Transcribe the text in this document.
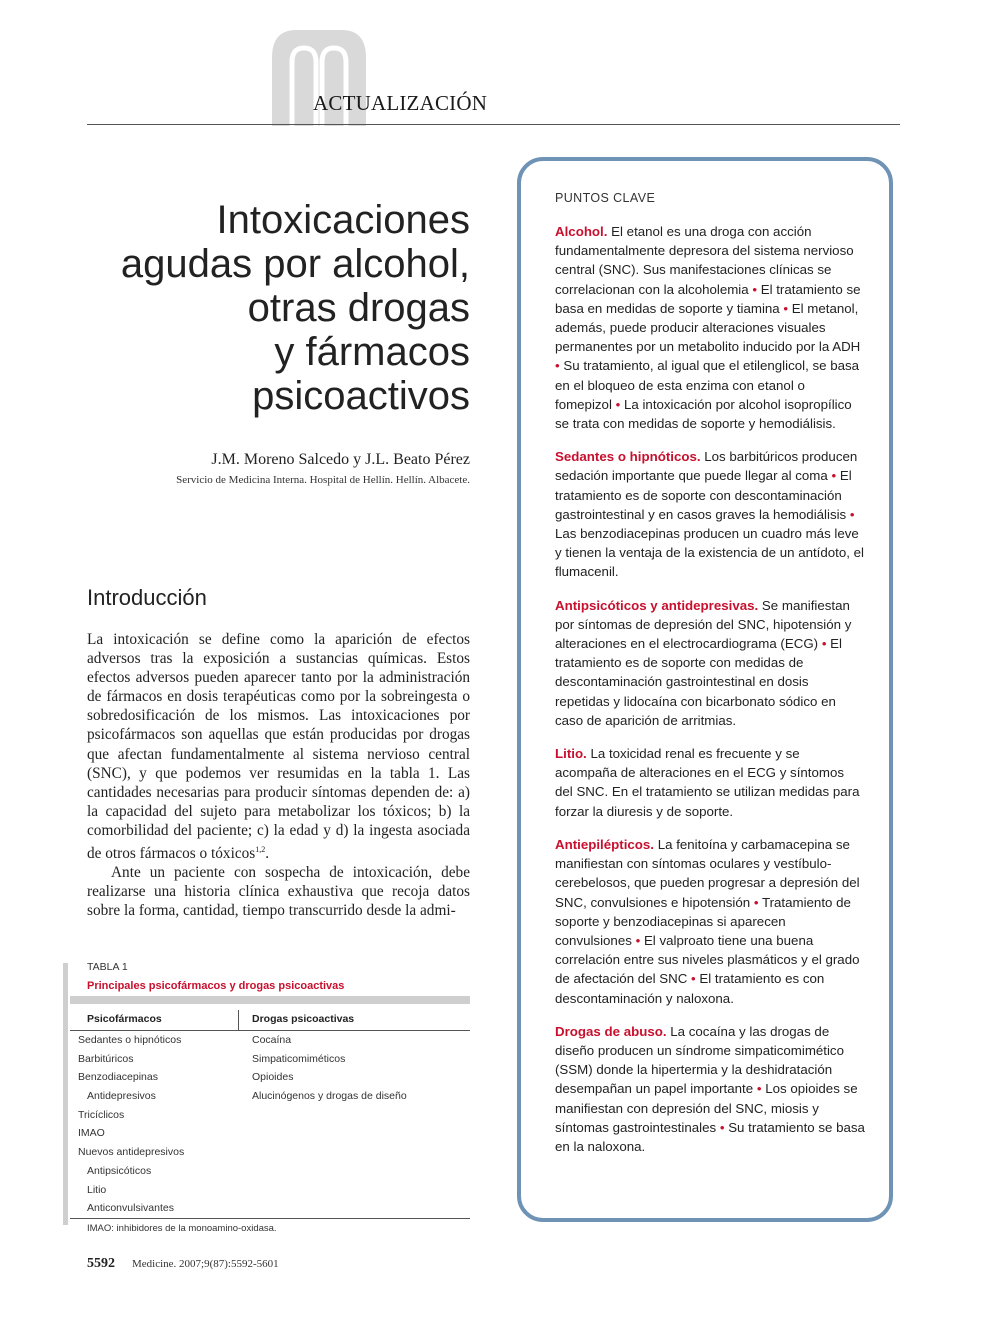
ACTUALIZACIÓN
Intoxicaciones
agudas por alcohol,
otras drogas
y fármacos
psicoactivos
J.M. Moreno Salcedo y J.L. Beato Pérez
Servicio de Medicina Interna. Hospital de Hellín. Hellín. Albacete.
Introducción

La intoxicación se define como la aparición de efectos adversos tras la exposición a sustancias químicas. Estos efectos adversos pueden aparecer tanto por la administración de fármacos en dosis terapéuticas como por la sobreingesta o sobredosificación de los mismos. Las intoxicaciones por psicofármacos son aquellas que están producidas por drogas que afectan fundamentalmente al sistema nervioso central (SNC), y que podemos ver resumidas en la tabla 1. Las cantidades necesarias para producir síntomas dependen de: a) la capacidad del sujeto para metabolizar los tóxicos; b) la comorbilidad del paciente; c) la edad y d) la ingesta asociada de otros fármacos o tóxicos$^{1,2}$.

Ante un paciente con sospecha de intoxicación, debe realizarse una historia clínica exhaustiva que recoja datos sobre la forma, cantidad, tiempo transcurrido desde la admi-

TABLA 1
Principales psicofármacos y drogas psicoactivas
Psicofármacos	Drogas psicoactivas
Sedantes o hipnóticos	Cocaína
Barbitúricos	Simpaticomiméticos
Benzodiacepinas	Opioides
Antidepresivos	Alucinógenos y drogas de diseño
Tricíclicos
IMAO
Nuevos antidepresivos
Antipsicóticos
Litio
Anticonvulsivantes
IMAO: inhibidores de la monoamino-oxidasa.
5592 Medicine. 2007;9(87):5592-5601
PUNTOS CLAVE

Alcohol. El etanol es una droga con acción fundamentalmente depresora del sistema nervioso central (SNC). Sus manifestaciones clínicas se correlacionan con la alcoholemia • El tratamiento se basa en medidas de soporte y tiamina • El metanol, además, puede producir alteraciones visuales permanentes por un metabolito inducido por la ADH • Su tratamiento, al igual que el etilenglicol, se basa en el bloqueo de esta enzima con etanol o fomepizol • La intoxicación por alcohol isopropílico se trata con medidas de soporte y hemodiálisis.

Sedantes o hipnóticos. Los barbitúricos producen sedación importante que puede llegar al coma • El tratamiento es de soporte con descontaminación gastrointestinal y en casos graves la hemodiálisis • Las benzodiacepinas producen un cuadro más leve y tienen la ventaja de la existencia de un antídoto, el flumacenil.

Antipsicóticos y antidepresivas. Se manifiestan por síntomas de depresión del SNC, hipotensión y alteraciones en el electrocardiograma (ECG) • El tratamiento es de soporte con medidas de descontaminación gastrointestinal en dosis repetidas y lidocaína con bicarbonato sódico en caso de aparición de arritmias.

Litio. La toxicidad renal es frecuente y se acompaña de alteraciones en el ECG y síntomos del SNC. En el tratamiento se utilizan medidas para forzar la diuresis y de soporte.

Antiepilépticos. La fenitoína y carbamacepina se manifiestan con síntomas oculares y vestíbulo-cerebelosos, que pueden progresar a depresión del SNC, convulsiones e hipotensión • Tratamiento de soporte y benzodiacepinas si aparecen convulsiones • El valproato tiene una buena correlación entre sus niveles plasmáticos y el grado de afectación del SNC • El tratamiento es con descontaminación y naloxona.

Drogas de abuso. La cocaína y las drogas de diseño producen un síndrome simpaticomimético (SSM) donde la hipertermia y la deshidratación desempañan un papel importante • Los opioides se manifiestan con depresión del SNC, miosis y síntomas gastrointestinales • Su tratamiento se basa en la naloxona.
